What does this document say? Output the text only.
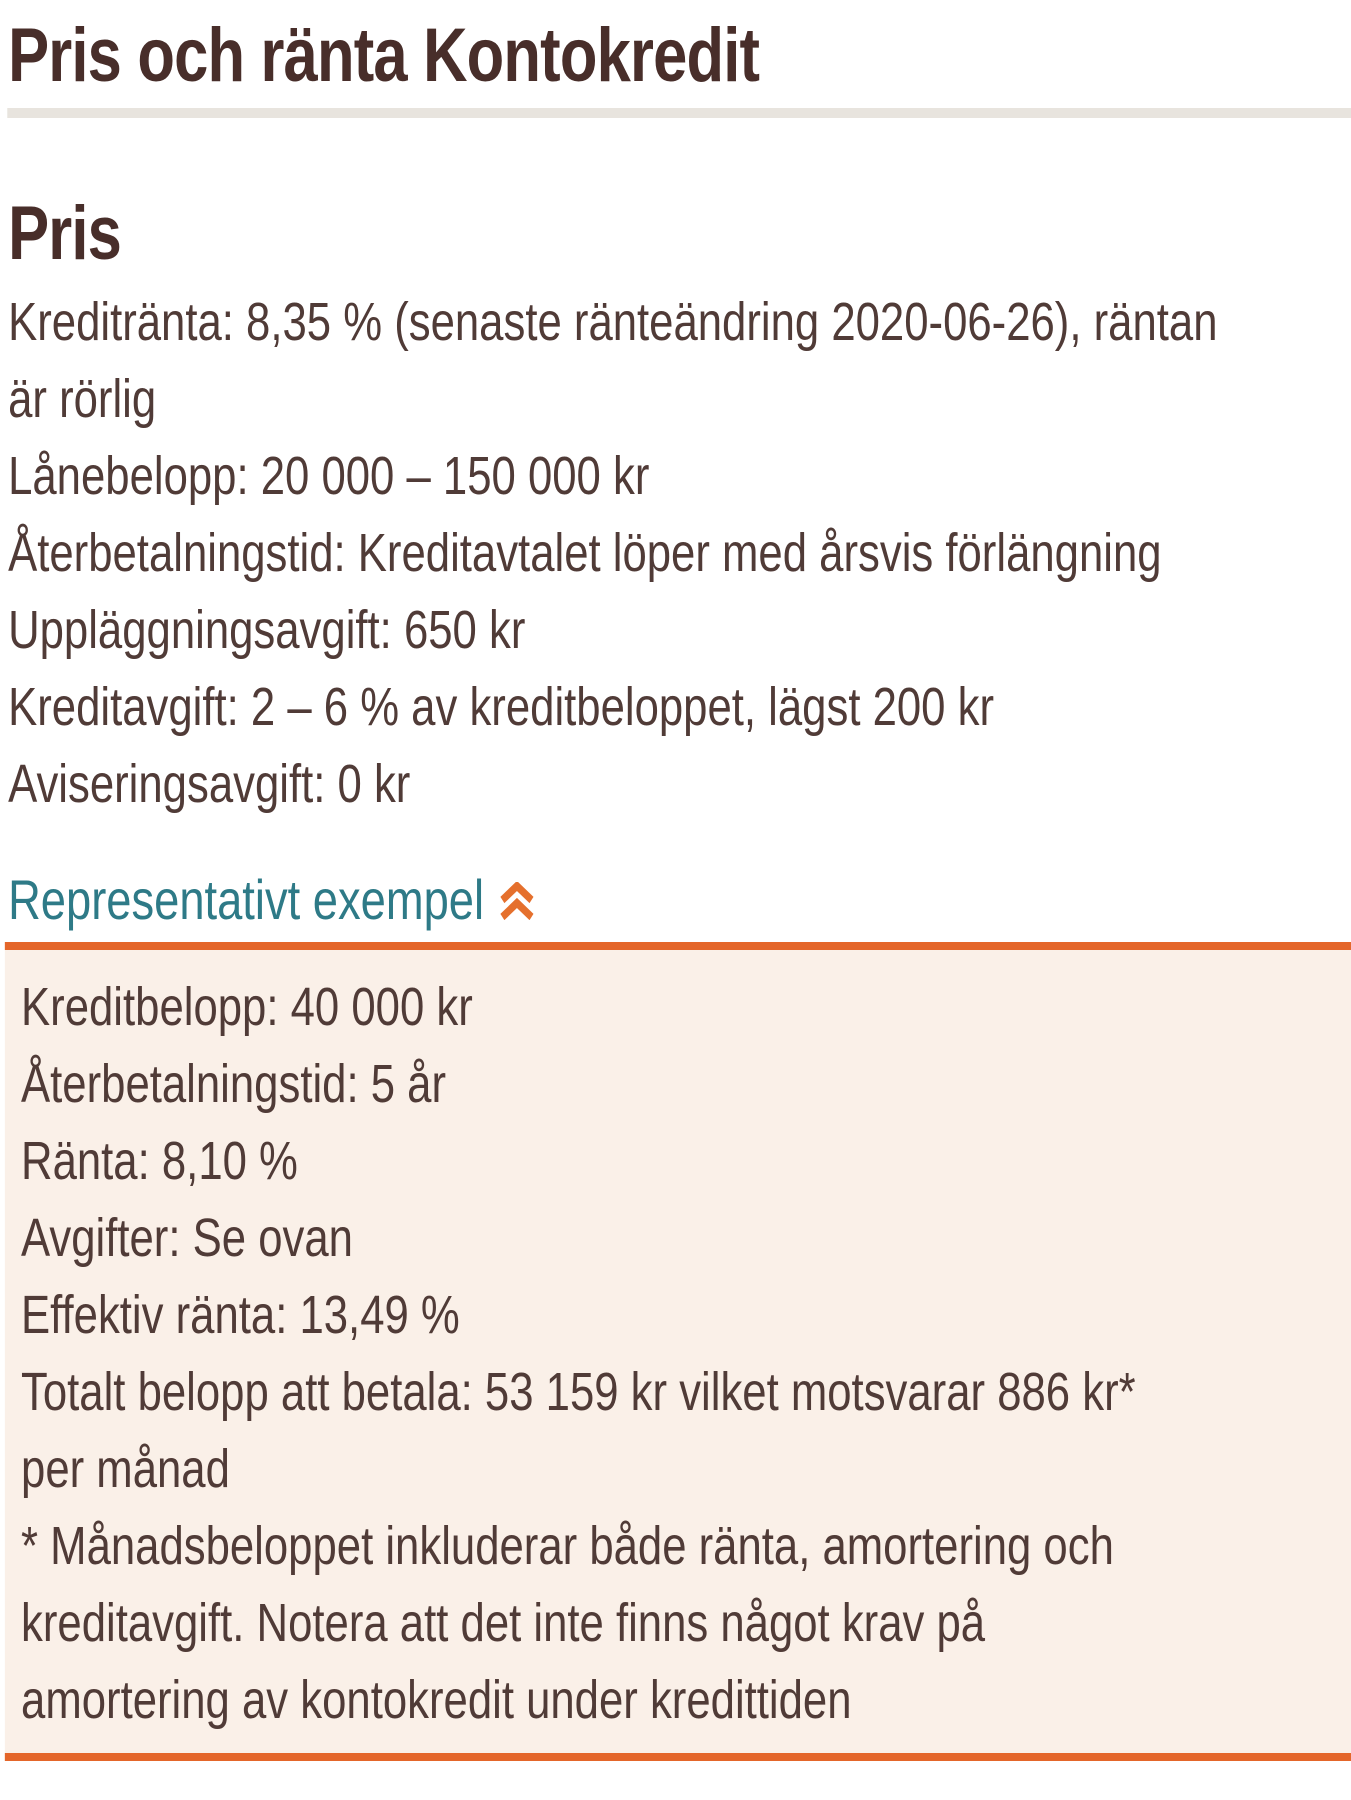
Pris och ränta Kontokredit
Pris
Kreditränta: 8,35 % (senaste ränteändring 2020-06-26), räntan
är rörlig
Lånebelopp: 20 000 – 150 000 kr
Återbetalningstid: Kreditavtalet löper med årsvis förlängning
Uppläggningsavgift: 650 kr
Kreditavgift: 2 – 6 % av kreditbeloppet, lägst 200 kr
Aviseringsavgift: 0 kr
Representativt exempel
Kreditbelopp: 40 000 kr
Återbetalningstid: 5 år
Ränta: 8,10 %
Avgifter: Se ovan
Effektiv ränta: 13,49 %
Totalt belopp att betala: 53 159 kr vilket motsvarar 886 kr*
per månad
* Månadsbeloppet inkluderar både ränta, amortering och
kreditavgift. Notera att det inte finns något krav på
amortering av kontokredit under kredittiden
